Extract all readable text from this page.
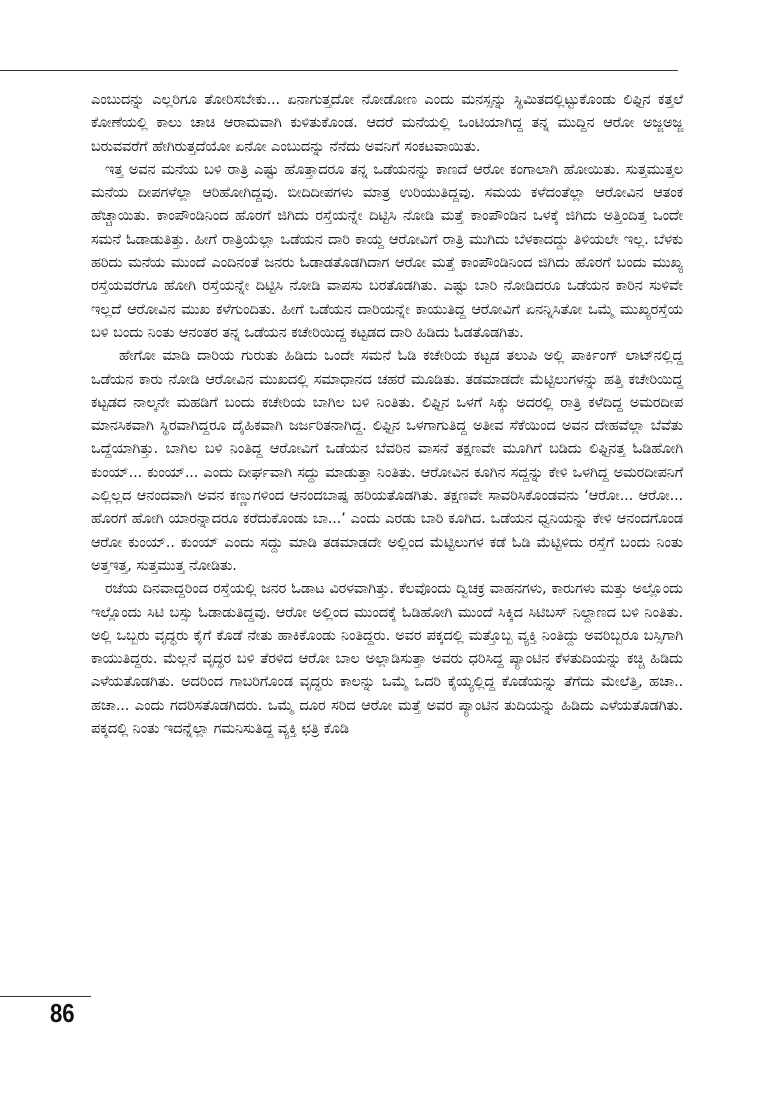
ಎಂಬುದನ್ನು ಎಲ್ಲರಿಗೂ ತೋರಿಸಬೇಕು... ಏನಾಗುತ್ತದೋ ನೋಡೋಣ ಎಂದು ಮನಸ್ಸನ್ನು ಸ್ಥಿಮಿತದಲ್ಲಿಟ್ಟುಕೊಂಡು ಲಿಫ್ಟಿನ ಕತ್ತಲೆ ಕೋಣೆಯಲ್ಲಿ ಕಾಲು ಚಾಚಿ ಆರಾಮವಾಗಿ ಕುಳಿತುಕೊಂಡ. ಆದರೆ ಮನೆಯಲ್ಲಿ ಒಂಟಿಯಾಗಿದ್ದ ತನ್ನ ಮುದ್ದಿನ ಆರೋ ಅಜ್ಜಅಜ್ಜ ಬರುವವರೆಗೆ ಹೇಗಿರುತ್ತದೆಯೋ ಏನೋ ಎಂಬುದನ್ನು ನೆನೆದು ಅವನಿಗೆ ಸಂಕಟವಾಯಿತು.

ಇತ್ತ ಅವನ ಮನೆಯ ಬಳಿ ರಾತ್ರಿ ಎಷ್ಟು ಹೊತ್ತಾದರೂ ತನ್ನ ಒಡೆಯನನ್ನು ಕಾಣದೆ ಆರೋ ಕಂಗಾಲಾಗಿ ಹೋಯಿತು. ಸುತ್ತಮುತ್ತಲ ಮನೆಯ ದೀಪಗಳೆಲ್ಲಾ ಆರಿಹೋಗಿದ್ದವು. ಬೀದಿದೀಪಗಳು ಮಾತ್ರ ಉರಿಯುತಿದ್ದವು. ಸಮಯ ಕಳೆದಂತೆಲ್ಲಾ ಆರೋವಿನ ಆತಂಕ ಹೆಚ್ಚಾಯಿತು. ಕಾಂಪೌಂಡಿನಿಂದ ಹೊರಗೆ ಜಿಗಿದು ರಸ್ತೆಯನ್ನೇ ದಿಟ್ಟಿಸಿ ನೋಡಿ ಮತ್ತೆ ಕಾಂಪೌಂಡಿನ ಒಳಕ್ಕೆ ಜಿಗಿದು ಅತ್ತಿಂದಿತ್ತ ಒಂದೇ ಸಮನೆ ಓಡಾಡುತಿತ್ತು. ಹೀಗೆ ರಾತ್ರಿಯೆಲ್ಲಾ ಒಡೆಯನ ದಾರಿ ಕಾಯ್ದ ಆರೋವಿಗೆ ರಾತ್ರಿ ಮುಗಿದು ಬೆಳಕಾದದ್ದು ತಿಳಿಯಲೇ ಇಲ್ಲ. ಬೆಳಕು ಹರಿದು ಮನೆಯ ಮುಂದೆ ಎಂದಿನಂತೆ ಜನರು ಓಡಾಡತೊಡಗಿದಾಗ ಆರೋ ಮತ್ತೆ ಕಾಂಪೌಂಡಿನಿಂದ ಜಿಗಿದು ಹೊರಗೆ ಬಂದು ಮುಖ್ಯ ರಸ್ತೆಯವರೆಗೂ ಹೋಗಿ ರಸ್ತೆಯನ್ನೇ ದಿಟ್ಟಿಸಿ ನೋಡಿ ವಾಪಸು ಬರತೊಡಗಿತು. ಎಷ್ಟು ಬಾರಿ ನೋಡಿದರೂ ಒಡೆಯನ ಕಾರಿನ ಸುಳಿವೇ ಇಲ್ಲದೆ ಆರೋವಿನ ಮುಖ ಕಳೆಗುಂದಿತು. ಹೀಗೆ ಒಡೆಯನ ದಾರಿಯನ್ನೇ ಕಾಯುತಿದ್ದ ಆರೋವಿಗೆ ಏನನ್ನಿಸಿತೋ ಒಮ್ಮೆ ಮುಖ್ಯರಸ್ತೆಯ ಬಳಿ ಬಂದು ನಿಂತು ಆನಂತರ ತನ್ನ ಒಡೆಯನ ಕಚೇರಿಯಿದ್ದ ಕಟ್ಟಡದ ದಾರಿ ಹಿಡಿದು ಓಡತೊಡಗಿತು.

ಹೇಗೋ ಮಾಡಿ ದಾರಿಯ ಗುರುತು ಹಿಡಿದು ಒಂದೇ ಸಮನೆ ಓಡಿ ಕಚೇರಿಯ ಕಟ್ಟಡ ತಲುಪಿ ಅಲ್ಲಿ ಪಾರ್ಕಿಂಗ್ ಲಾಟ್‌ನಲ್ಲಿದ್ದ ಒಡೆಯನ ಕಾರು ನೋಡಿ ಆರೋವಿನ ಮುಖದಲ್ಲಿ ಸಮಾಧಾನದ ಚಹರೆ ಮೂಡಿತು. ತಡಮಾಡದೇ ಮೆಟ್ಟಿಲುಗಳನ್ನು ಹತ್ತಿ ಕಚೇರಿಯಿದ್ದ ಕಟ್ಟಡದ ನಾಲ್ಕನೇ ಮಹಡಿಗೆ ಬಂದು ಕಚೇರಿಯ ಬಾಗಿಲ ಬಳಿ ನಿಂತಿತು. ಲಿಫ್ಟಿನ ಒಳಗೆ ಸಿಕ್ಕು ಅದರಲ್ಲಿ ರಾತ್ರಿ ಕಳೆದಿದ್ದ ಅಮರದೀಪ ಮಾನಸಿಕವಾಗಿ ಸ್ಥಿರವಾಗಿದ್ದರೂ ದೈಹಿಕವಾಗಿ ಜರ್ಜರಿತನಾಗಿದ್ದ. ಲಿಫ್ಟಿನ ಒಳಗಾಗುತಿದ್ದ ಅತೀವ ಸೆಕೆಯಿಂದ ಅವನ ದೇಹವೆಲ್ಲಾ ಬೆವೆತು ಒದ್ದೆಯಾಗಿತ್ತು. ಬಾಗಿಲ ಬಳಿ ನಿಂತಿದ್ದ ಆರೋವಿಗೆ ಒಡೆಯನ ಬೆವರಿನ ವಾಸನೆ ತಕ್ಷಣವೇ ಮೂಗಿಗೆ ಬಡಿದು ಲಿಫ್ಟಿನತ್ತ ಓಡಿಹೋಗಿ ಕುಂಯ್... ಕುಂಯ್... ಎಂದು ದೀರ್ಘವಾಗಿ ಸದ್ದು ಮಾಡುತ್ತಾ ನಿಂತಿತು. ಆರೋವಿನ ಕೂಗಿನ ಸದ್ದನ್ನು ಕೇಳಿ ಒಳಗಿದ್ದ ಅಮರದೀಪನಿಗೆ ಎಲ್ಲಿಲ್ಲದ ಆನಂದವಾಗಿ ಅವನ ಕಣ್ಣುಗಳಿಂದ ಆನಂದಬಾಷ್ಪ ಹರಿಯತೊಡಗಿತು. ತಕ್ಷಣವೇ ಸಾವರಿಸಿಕೊಂಡವನು ‘ಆರೋ... ಆರೋ... ಹೊರಗೆ ಹೋಗಿ ಯಾರನ್ನಾದರೂ ಕರೆದುಕೊಂಡು ಬಾ...’ ಎಂದು ಎರಡು ಬಾರಿ ಕೂಗಿದ. ಒಡೆಯನ ಧ್ವನಿಯನ್ನು ಕೇಳಿ ಆನಂದಗೊಂಡ ಆರೋ ಕುಂಯ್.. ಕುಂಯ್ ಎಂದು ಸದ್ದು ಮಾಡಿ ತಡಮಾಡದೇ ಅಲ್ಲಿಂದ ಮೆಟ್ಟಿಲುಗಳ ಕಡೆ ಓಡಿ ಮೆಟ್ಟಿಳಿದು ರಸ್ತೆಗೆ ಬಂದು ನಿಂತು ಅತ್ತಇತ್ತ, ಸುತ್ತಮುತ್ತ ನೋಡಿತು.

ರಜೆಯ ದಿನವಾದ್ದರಿಂದ ರಸ್ತೆಯಲ್ಲಿ ಜನರ ಓಡಾಟ ವಿರಳವಾಗಿತ್ತು. ಕೆಲವೊಂದು ದ್ವಿಚಕ್ರ ವಾಹನಗಳು, ಕಾರುಗಳು ಮತ್ತು ಅಲ್ಲೊಂದು ಇಲ್ಲೊಂದು ಸಿಟಿ ಬಸ್ಸು ಓಡಾಡುತಿದ್ದವು. ಆರೋ ಅಲ್ಲಿಂದ ಮುಂದಕ್ಕೆ ಓಡಿಹೋಗಿ ಮುಂದೆ ಸಿಕ್ಕಿದ ಸಿಟಿಬಸ್ ನಿಲ್ದಾಣದ ಬಳಿ ನಿಂತಿತು. ಅಲ್ಲಿ ಒಬ್ಬರು ವೃದ್ಧರು ಕೈಗೆ ಕೊಡೆ ನೇತು ಹಾಕಿಕೊಂಡು ನಿಂತಿದ್ದರು. ಅವರ ಪಕ್ಕದಲ್ಲಿ ಮತ್ತೊಬ್ಬ ವ್ಯಕ್ತಿ ನಿಂತಿದ್ದು ಅವರಿಬ್ಬರೂ ಬಸ್ಸಿಗಾಗಿ ಕಾಯುತಿದ್ದರು. ಮೆಲ್ಲನೆ ವೃದ್ಧರ ಬಳಿ ತೆರಳಿದ ಆರೋ ಬಾಲ ಅಲ್ಲಾಡಿಸುತ್ತಾ ಅವರು ಧರಿಸಿದ್ದ ಪ್ಯಾಂಟಿನ ಕೆಳತುದಿಯನ್ನು ಕಚ್ಚಿ ಹಿಡಿದು ಎಳೆಯತೊಡಗಿತು. ಅದರಿಂದ ಗಾಬರಿಗೊಂಡ ವೃದ್ಧರು ಕಾಲನ್ನು ಒಮ್ಮೆ ಒದರಿ ಕೈಯ್ಯಲ್ಲಿದ್ದ ಕೊಡೆಯನ್ನು ತೆಗೆದು ಮೇಲೆತ್ತಿ, ಹಚಾ.. ಹಚಾ... ಎಂದು ಗದರಿಸತೊಡಗಿದರು. ಒಮ್ಮೆ ದೂರ ಸರಿದ ಆರೋ ಮತ್ತೆ ಅವರ ಪ್ಯಾಂಟಿನ ತುದಿಯನ್ನು ಹಿಡಿದು ಎಳೆಯತೊಡಗಿತು. ಪಕ್ಕದಲ್ಲಿ ನಿಂತು ಇದನ್ನೆಲ್ಲಾ ಗಮನಿಸುತಿದ್ದ ವ್ಯಕ್ತಿ ಛತ್ರಿ ಕೊಡಿ

86
